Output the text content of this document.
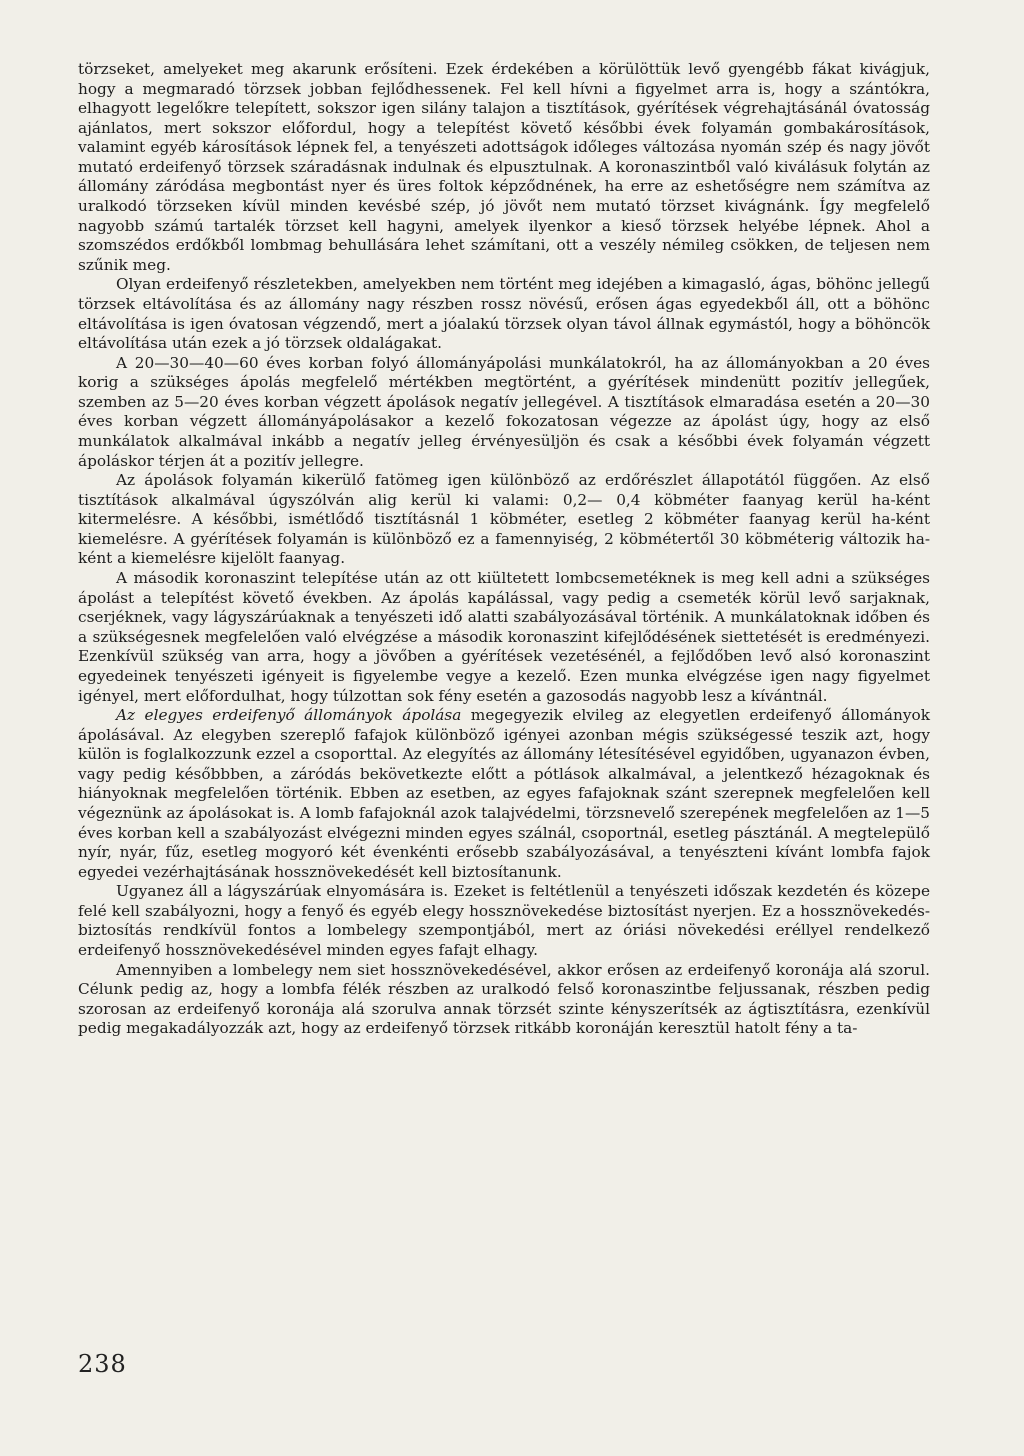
törzseket, amelyeket meg akarunk erősíteni. Ezek érdekében a körülöttük levő gyengébb fákat kivágjuk, hogy a megmaradó törzsek jobban fejlődhessenek. Fel kell hívni a figyelmet arra is, hogy a szántókra, elhagyott legelőkre telepített, sokszor igen silány talajon a tisztítások, gyérítések végrehajtásánál óvatosság ajánlatos, mert sokszor előfordul, hogy a telepítést követő későbbi évek folyamán gombakárosítások, valamint egyéb károsítások lépnek fel, a tenyészeti adottságok időleges változása nyomán szép és nagy jövőt mutató erdeifenyő törzsek száradásnak indulnak és elpusztulnak. A koronaszintből való kiválásuk folytán az állomány záródása megbontást nyer és üres foltok képződnének, ha erre az eshetőségre nem számítva az uralkodó törzseken kívül minden kevésbé szép, jó jövőt nem mutató törzset kivágnánk. Így megfelelő nagyobb számú tartalék törzset kell hagyni, amelyek ilyenkor a kieső törzsek helyébe lépnek. Ahol a szomszédos erdőkből lombmag behullására lehet számítani, ott a veszély némileg csökken, de teljesen nem szűnik meg.

Olyan erdeifenyő részletekben, amelyekben nem történt meg idejében a kimagasló, ágas, böhönc jellegű törzsek eltávolítása és az állomány nagy részben rossz növésű, erősen ágas egyedekből áll, ott a böhönc eltávolítása is igen óvatosan végzendő, mert a jóalakú törzsek olyan távol állnak egymástól, hogy a böhöncök eltávolítása után ezek a jó törzsek oldalágakat.

A 20—30—40—60 éves korban folyó állományápolási munkálatokról, ha az állományokban a 20 éves korig a szükséges ápolás megfelelő mértékben megtörtént, a gyérítések mindenütt pozitív jellegűek, szemben az 5—20 éves korban végzett ápolások negatív jellegével. A tisztítások elmaradása esetén a 20—30 éves korban végzett állományápolásakor a kezelő fokozatosan végezze az ápolást úgy, hogy az első munkálatok alkalmával inkább a negatív jelleg érvényesüljön és csak a későbbi évek folyamán végzett ápoláskor térjen át a pozitív jellegre.

Az ápolások folyamán kikerülő fatömeg igen különböző az erdőrészlet állapotától függően. Az első tisztítások alkalmával úgyszólván alig kerül ki valami: 0,2— 0,4 köbméter faanyag kerül ha-ként kitermelésre. A későbbi, ismétlődő tisztításnál 1 köbméter, esetleg 2 köbméter faanyag kerül ha-ként kiemelésre. A gyérítések folyamán is különböző ez a famennyiség, 2 köbmétertől 30 köbméterig változik ha-ként a kiemelésre kijelölt faanyag.

A második koronaszint telepítése után az ott kiültetett lombcsemetéknek is meg kell adni a szükséges ápolást a telepítést követő években. Az ápolás kapálással, vagy pedig a csemeték körül levő sarjaknak, cserjéknek, vagy lágyszárúaknak a tenyészeti idő alatti szabályozásával történik. A munkálatoknak időben és a szükségesnek megfelelően való elvégzése a második koronaszint kifejlődésének siettetését is eredményezi. Ezenkívül szükség van arra, hogy a jövőben a gyérítések vezetésénél, a fejlődőben levő alsó koronaszint egyedeinek tenyészeti igényeit is figyelembe vegye a kezelő. Ezen munka elvégzése igen nagy figyelmet igényel, mert előfordulhat, hogy túlzottan sok fény esetén a gazosodás nagyobb lesz a kívántnál.

Az elegyes erdeifenyő állományok ápolása megegyezik elvileg az elegyetlen erdeifenyő állományok ápolásával. Az elegyben szereplő fafajok különböző igényei azonban mégis szükségessé teszik azt, hogy külön is foglalkozzunk ezzel a csoporttal. Az elegyítés az állomány létesítésével egyidőben, ugyanazon évben, vagy pedig későbbben, a záródás bekövetkezte előtt a pótlások alkalmával, a jelentkező hézagoknak és hiányoknak megfelelően történik. Ebben az esetben, az egyes fafajoknak szánt szerepnek megfelelően kell végeznünk az ápolásokat is. A lomb fafajoknál azok talajvédelmi, törzsnevelő szerepének megfelelően az 1—5 éves korban kell a szabályozást elvégezni minden egyes szálnál, csoportnál, esetleg pásztánál. A megtelepülő nyír, nyár, fűz, esetleg mogyoró két évenkénti erősebb szabályozásával, a tenyészteni kívánt lombfa fajok egyedei vezérhajtásának hossznövekedését kell biztosítanunk.

Ugyanez áll a lágyszárúak elnyomására is. Ezeket is feltétlenül a tenyészeti időszak kezdetén és közepe felé kell szabályozni, hogy a fenyő és egyéb elegy hossznövekedése biztosítást nyerjen. Ez a hossznövekedés-biztosítás rendkívül fontos a lombelegy szempontjából, mert az óriási növekedési eréllyel rendelkező erdeifenyő hossznövekedésével minden egyes fafajt elhagy.

Amennyiben a lombelegy nem siet hossznövekedésével, akkor erősen az erdeifenyő koronája alá szorul. Célunk pedig az, hogy a lombfa félék részben az uralkodó felső koronaszintbe feljussanak, részben pedig szorosan az erdeifenyő koronája alá szorulva annak törzsét szinte kényszerítsék az ágtisztításra, ezenkívül pedig megakadályozzák azt, hogy az erdeifenyő törzsek ritkább koronáján keresztül hatolt fény a ta-

238
